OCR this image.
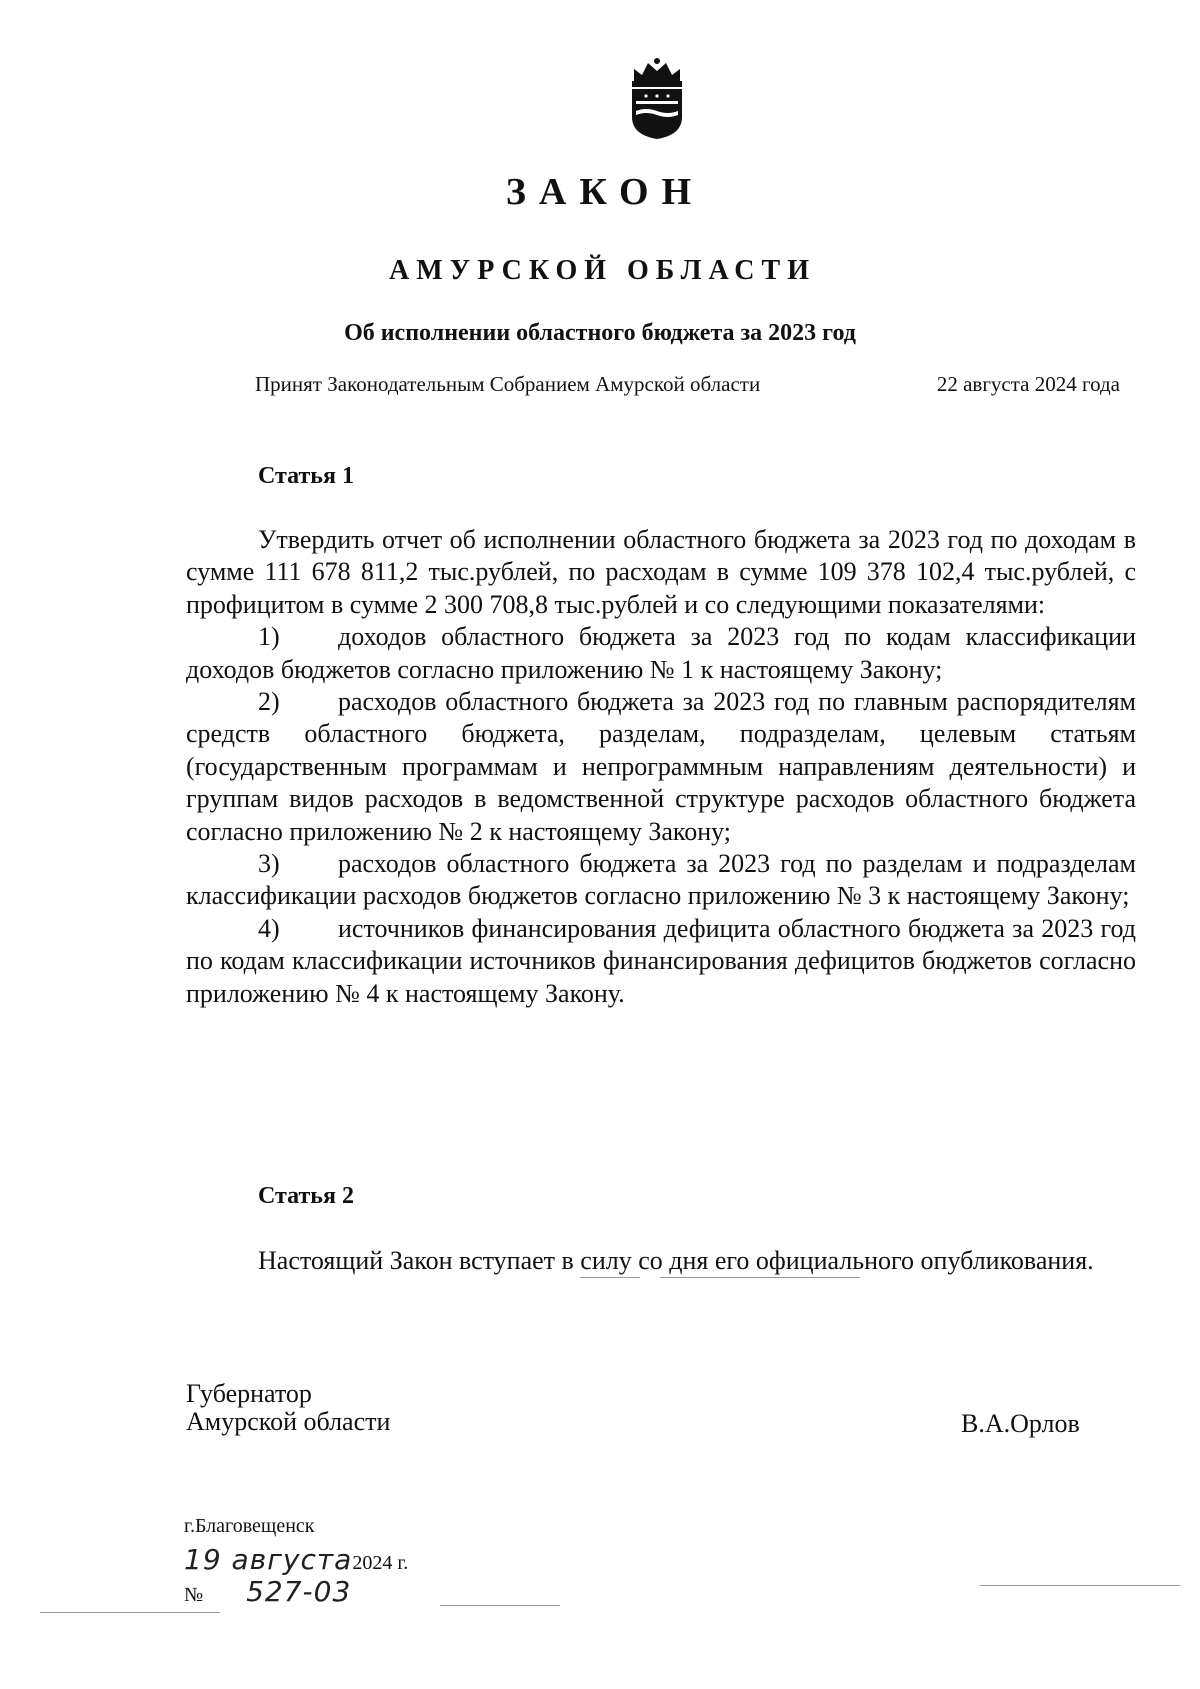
ЗАКОН
АМУРСКОЙ ОБЛАСТИ
Об исполнении областного бюджета за 2023 год
Принят Законодательным Собранием Амурской области	22 августа 2024 года
Статья 1

Утвердить отчет об исполнении областного бюджета за 2023 год по доходам в сумме 111 678 811,2 тыс.рублей, по расходам в сумме 109 378 102,4 тыс.рублей, с профицитом в сумме 2 300 708,8 тыс.рублей и со следующими показателями:

1) доходов областного бюджета за 2023 год по кодам классификации доходов бюджетов согласно приложению № 1 к настоящему Закону;

2) расходов областного бюджета за 2023 год по главным распорядителям средств областного бюджета, разделам, подразделам, целевым статьям (государственным программам и непрограммным направлениям деятельности) и группам видов расходов в ведомственной структуре расходов областного бюджета согласно приложению № 2 к настоящему Закону;

3) расходов областного бюджета за 2023 год по разделам и подразделам классификации расходов бюджетов согласно приложению № 3 к настоящему Закону;

4) источников финансирования дефицита областного бюджета за 2023 год по кодам классификации источников финансирования дефицитов бюджетов согласно приложению № 4 к настоящему Закону.

Статья 2

Настоящий Закон вступает в силу со дня его официального опубликования.

Губернатор
Амурской области	В.А.Орлов
г.Благовещенск
19 августа2024 г.
№ 527-03
